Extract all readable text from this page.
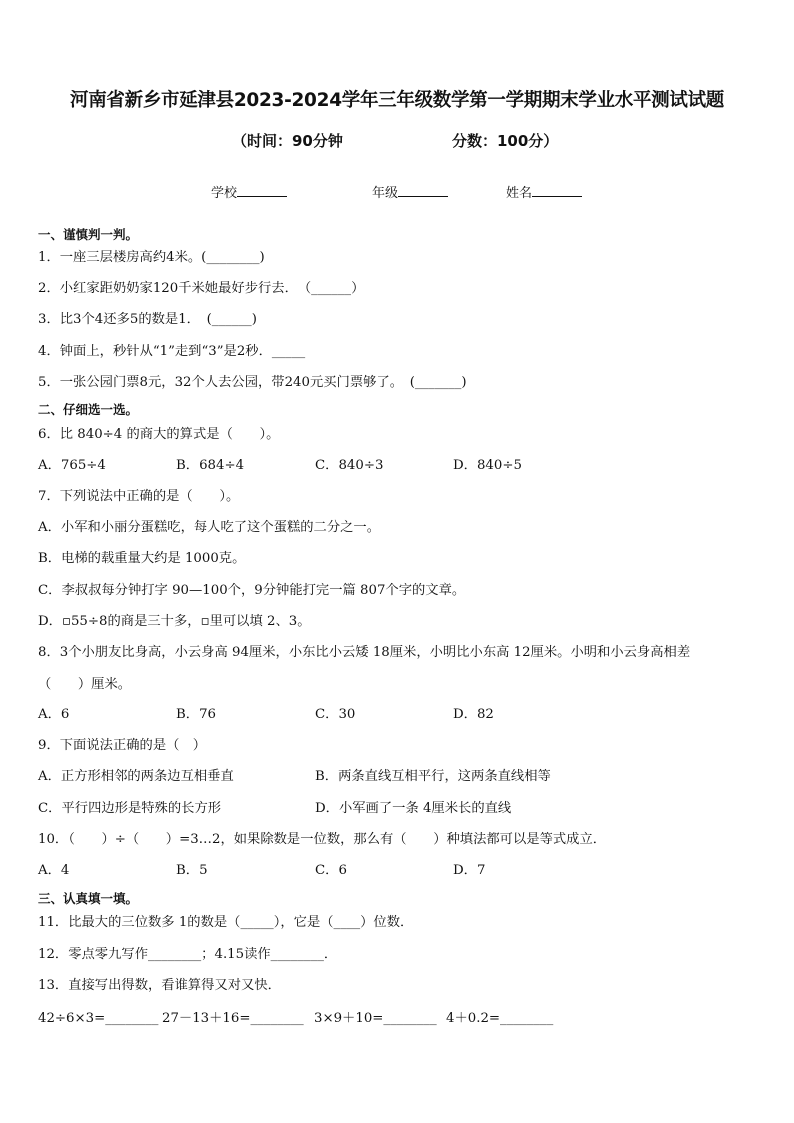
河南省新乡市延津县2023-2024学年三年级数学第一学期期末学业水平测试试题
（时间：90分钟	分数：100分）
学校	年级	姓名
一、谨慎判一判。
1．一座三层楼房高约4米。(________)
2．小红家距奶奶家120千米她最好步行去．　（______）
3．比3个4还多5的数是1．　(______)
4．钟面上，秒针从“1”走到“3”是2秒．_____
5．一张公园门票8元，32个人去公园，带240元买门票够了。　(_______)
二、仔细选一选。
6．比 840÷4 的商大的算式是（　　）。
A．765÷4	B．684÷4	C．840÷3	D．840÷5
7．下列说法中正确的是（　　）。
A．小军和小丽分蛋糕吃，每人吃了这个蛋糕的二分之一。
B．电梯的载重量大约是 1000克。
C．李叔叔每分钟打字 90—100个，9分钟能打完一篇 807个字的文章。
D．▫55÷8的商是三十多，▫里可以填 2、3。
8．3个小朋友比身高，小云身高 94厘米，小东比小云矮 18厘米，小明比小东高 12厘米。小明和小云身高相差
（　　）厘米。
A．6	B．76	C．30	D．82
9．下面说法正确的是（　）
A．正方形相邻的两条边互相垂直	B．两条直线互相平行，这两条直线相等
C．平行四边形是特殊的长方形	D．小军画了一条 4厘米长的直线
10．（　　）÷（　　）=3…2，如果除数是一位数，那么有（　　）种填法都可以是等式成立．
A．4	B．5	C．6	D．7
三、认真填一填。
11．比最大的三位数多 1的数是（_____），它是（____）位数．
12．零点零九写作________；4.15读作________．
13．直接写出得数，看谁算得又对又快．
42÷6×3=________ 27－13＋16=________ 3×9＋10=________ 4＋0.2=________
